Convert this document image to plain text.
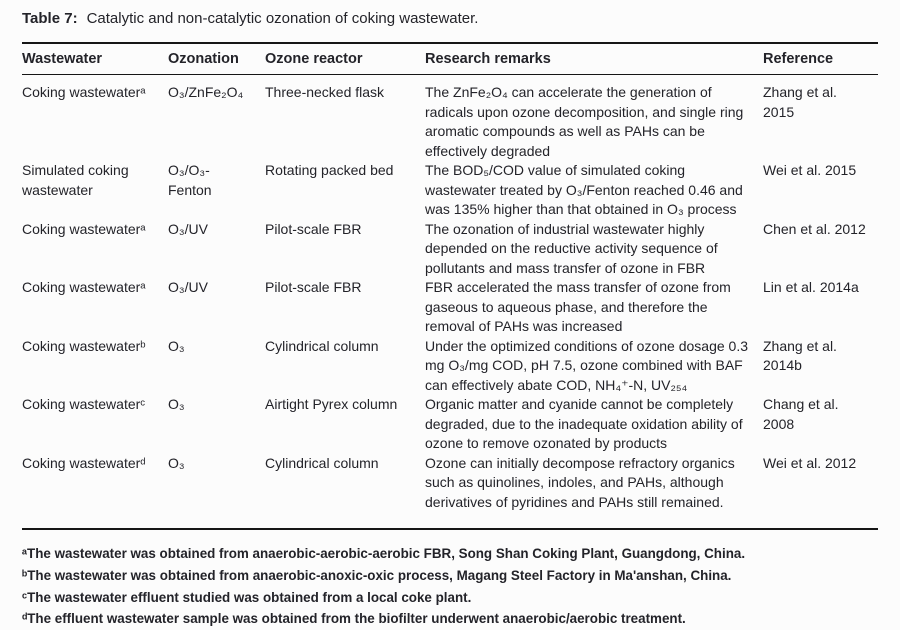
Table 7: Catalytic and non-catalytic ozonation of coking wastewater.
Wastewater	Ozonation	Ozone reactor	Research remarks	Reference
Coking wastewaterᵃ	O₃/ZnFe₂O₄	Three-necked flask	The ZnFe₂O₄ can accelerate the generation of radicals upon ozone decomposition, and single ring aromatic compounds as well as PAHs can be effectively degraded	Zhang et al. 2015
Simulated coking wastewater	O₃/O₃-Fenton	Rotating packed bed	The BOD₅/COD value of simulated coking wastewater treated by O₃/Fenton reached 0.46 and was 135% higher than that obtained in O₃ process	Wei et al. 2015
Coking wastewaterᵃ	O₃/UV	Pilot-scale FBR	The ozonation of industrial wastewater highly depended on the reductive activity sequence of pollutants and mass transfer of ozone in FBR	Chen et al. 2012
Coking wastewaterᵃ	O₃/UV	Pilot-scale FBR	FBR accelerated the mass transfer of ozone from gaseous to aqueous phase, and therefore the removal of PAHs was increased	Lin et al. 2014a
Coking wastewaterᵇ	O₃	Cylindrical column	Under the optimized conditions of ozone dosage 0.3 mg O₃/mg COD, pH 7.5, ozone combined with BAF can effectively abate COD, NH₄⁺-N, UV₂₅₄	Zhang et al. 2014b
Coking wastewaterᶜ	O₃	Airtight Pyrex column	Organic matter and cyanide cannot be completely degraded, due to the inadequate oxidation ability of ozone to remove ozonated by products	Chang et al. 2008
Coking wastewaterᵈ	O₃	Cylindrical column	Ozone can initially decompose refractory organics such as quinolines, indoles, and PAHs, although derivatives of pyridines and PAHs still remained.	Wei et al. 2012
ᵃThe wastewater was obtained from anaerobic-aerobic-aerobic FBR, Song Shan Coking Plant, Guangdong, China.
ᵇThe wastewater was obtained from anaerobic-anoxic-oxic process, Magang Steel Factory in Ma'anshan, China.
ᶜThe wastewater effluent studied was obtained from a local coke plant.
ᵈThe effluent wastewater sample was obtained from the biofilter underwent anaerobic/aerobic treatment.
